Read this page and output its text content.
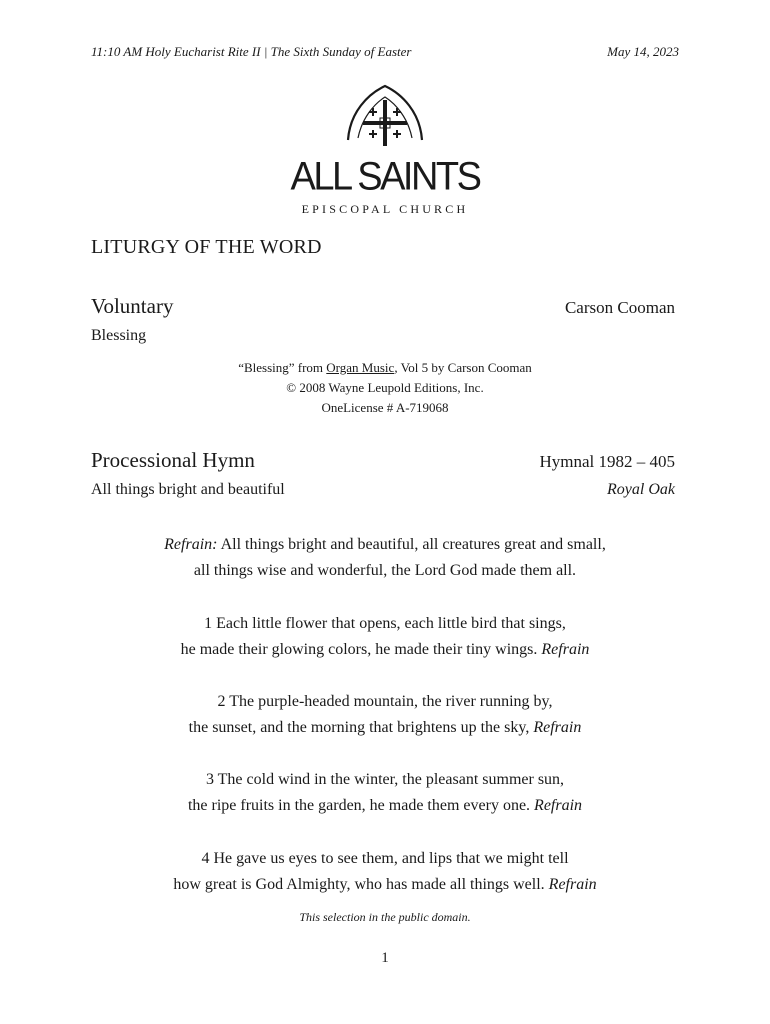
11:10 AM Holy Eucharist Rite II | The Sixth Sunday of Easter	May 14, 2023
ALL SAINTS
EPISCOPAL CHURCH
LITURGY OF THE WORD
Voluntary	Carson Cooman
Blessing
“Blessing” from Organ Music, Vol 5 by Carson Cooman
© 2008 Wayne Leupold Editions, Inc.
OneLicense # A-719068
Processional Hymn	Hymnal 1982 – 405
All things bright and beautiful	Royal Oak
Refrain: All things bright and beautiful, all creatures great and small,
all things wise and wonderful, the Lord God made them all.
1 Each little flower that opens, each little bird that sings,
he made their glowing colors, he made their tiny wings. Refrain
2 The purple-headed mountain, the river running by,
the sunset, and the morning that brightens up the sky, Refrain
3 The cold wind in the winter, the pleasant summer sun,
the ripe fruits in the garden, he made them every one. Refrain
4 He gave us eyes to see them, and lips that we might tell
how great is God Almighty, who has made all things well. Refrain
This selection in the public domain.
1
